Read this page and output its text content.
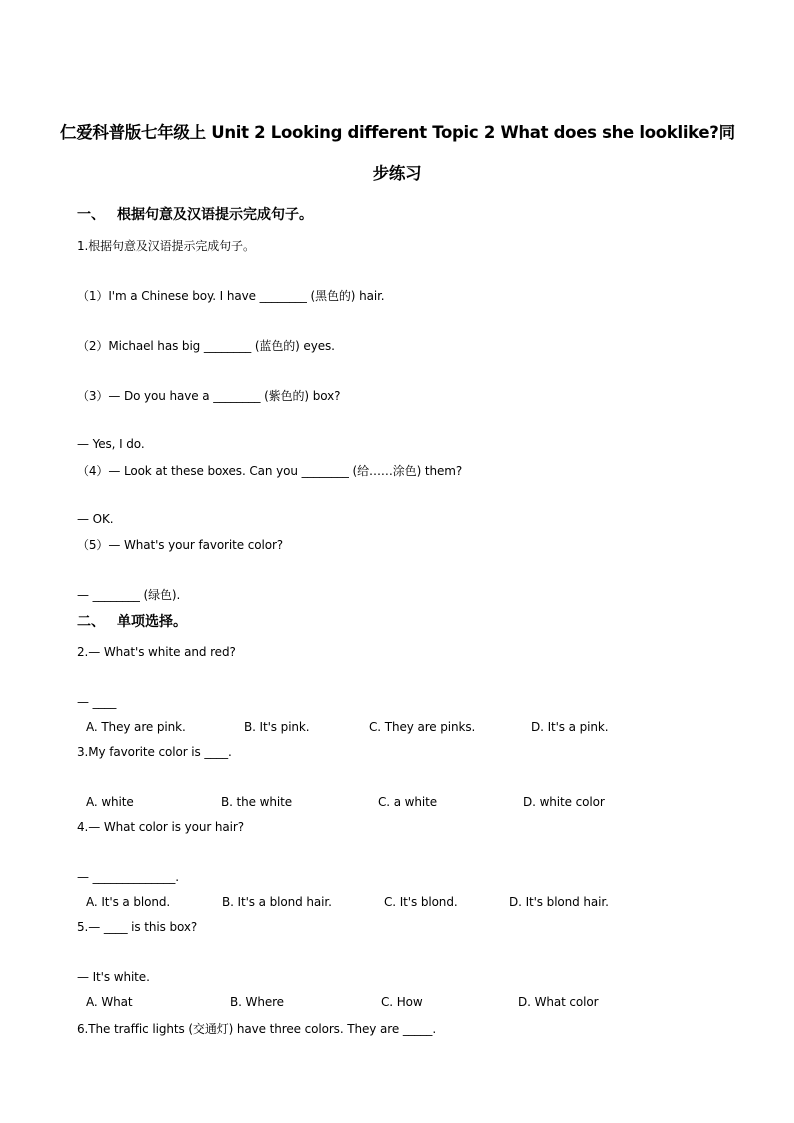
仁爱科普版七年级上 Unit 2 Looking different Topic 2 What does she looklike?同
步练习
一、 根据句意及汉语提示完成句子。
1.根据句意及汉语提示完成句子。
（1）I'm a Chinese boy. I have ________ (黑色的) hair.
（2）Michael has big ________ (蓝色的) eyes.
（3）— Do you have a ________ (紫色的) box?
— Yes, I do.
（4）— Look at these boxes. Can you ________ (给……涂色) them?
— OK.
（5）— What's your favorite color?
— ________ (绿色).
二、 单项选择。
2.— What's white and red?
— ____
A. They are pink.	B. It's pink.	C. They are pinks.	D. It's a pink.
3.My favorite color is ____.
A. white	B. the white	C. a white	D. white color
4.— What color is your hair?
— ______________.
A. It's a blond.	B. It's a blond hair.	C. It's blond.	D. It's blond hair.
5.— ____ is this box?
— It's white.
A. What	B. Where	C. How	D. What color
6.The traffic lights (交通灯) have three colors. They are _____.
